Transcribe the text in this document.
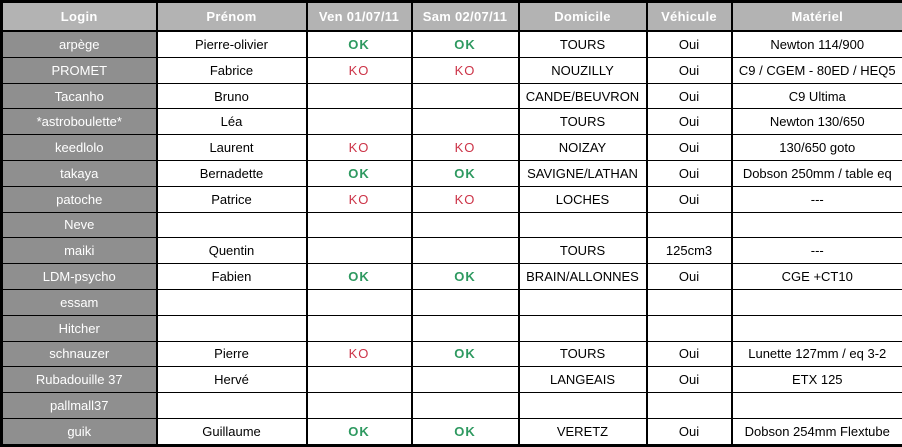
Login	Prénom	Ven 01/07/11	Sam 02/07/11	Domicile	Véhicule	Matériel
arpège	Pierre-olivier	OK	OK	TOURS	Oui	Newton 114/900
PROMET	Fabrice	KO	KO	NOUZILLY	Oui	C9 / CGEM - 80ED / HEQ5
Tacanho	Bruno			CANDE/BEUVRON	Oui	C9 Ultima
*astroboulette*	Léa			TOURS	Oui	Newton 130/650
keedlolo	Laurent	KO	KO	NOIZAY	Oui	130/650 goto
takaya	Bernadette	OK	OK	SAVIGNE/LATHAN	Oui	Dobson 250mm / table eq
patoche	Patrice	KO	KO	LOCHES	Oui	---
Neve						
maiki	Quentin			TOURS	125cm3	---
LDM-psycho	Fabien	OK	OK	BRAIN/ALLONNES	Oui	CGE +CT10
essam						
Hitcher						
schnauzer	Pierre	KO	OK	TOURS	Oui	Lunette 127mm / eq 3-2
Rubadouille 37	Hervé			LANGEAIS	Oui	ETX 125
pallmall37						
guik	Guillaume	OK	OK	VERETZ	Oui	Dobson 254mm Flextube
